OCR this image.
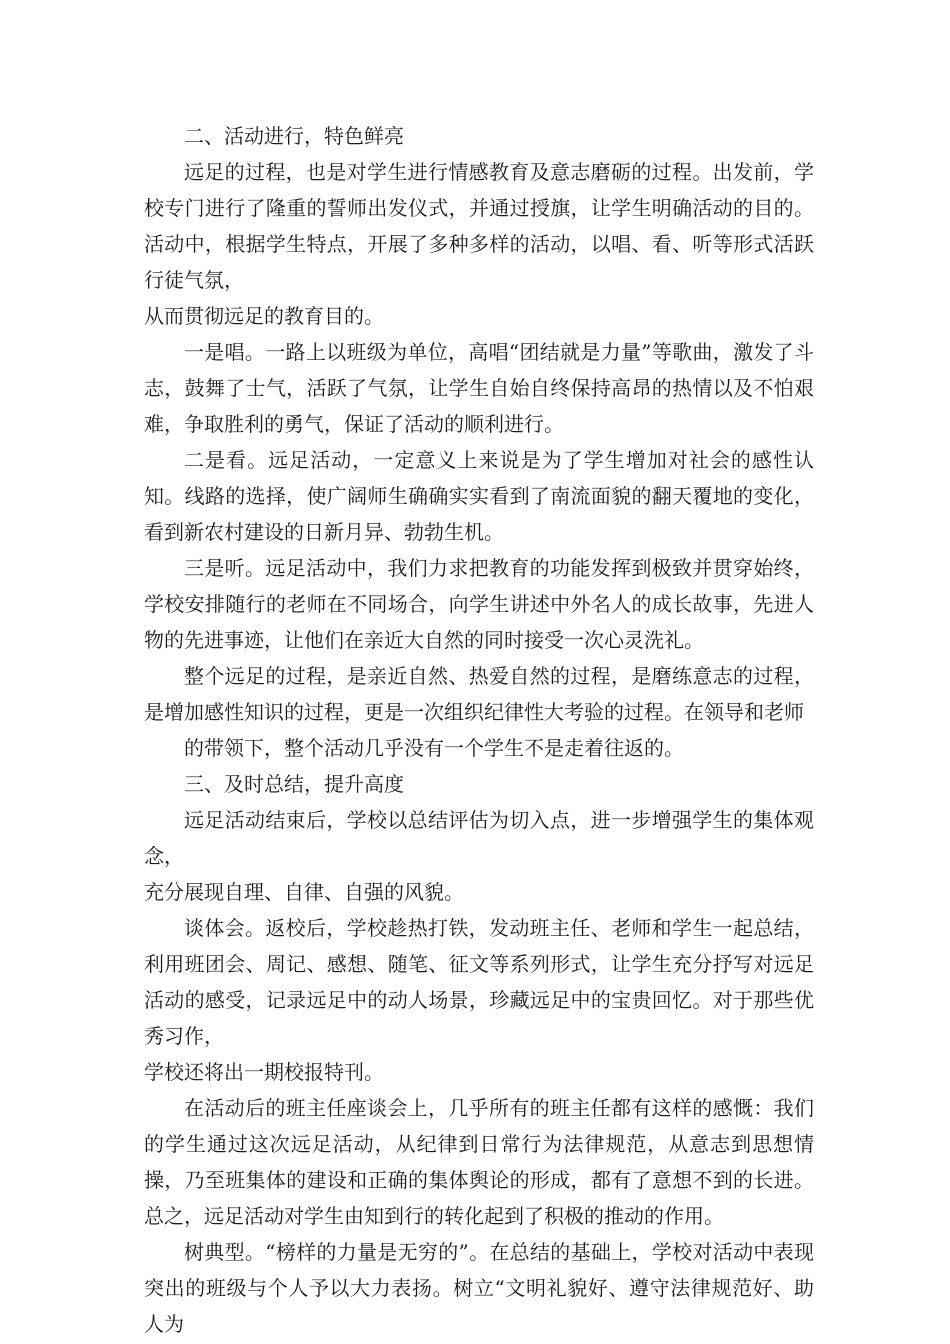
二、活动进行，特色鲜亮

远足的过程，也是对学生进行情感教育及意志磨砺的过程。出发前，学校专门进行了隆重的誓师出发仪式，并通过授旗，让学生明确活动的目的。活动中，根据学生特点，开展了多种多样的活动，以唱、看、听等形式活跃行徒气氛，

从而贯彻远足的教育目的。

一是唱。一路上以班级为单位，高唱“团结就是力量”等歌曲，激发了斗志，鼓舞了士气，活跃了气氛，让学生自始自终保持高昂的热情以及不怕艰难，争取胜利的勇气，保证了活动的顺利进行。

二是看。远足活动，一定意义上来说是为了学生增加对社会的感性认知。线路的选择，使广阔师生确确实实看到了南流面貌的翻天覆地的变化，看到新农村建设的日新月异、勃勃生机。

三是听。远足活动中，我们力求把教育的功能发挥到极致并贯穿始终，学校安排随行的老师在不同场合，向学生讲述中外名人的成长故事，先进人物的先进事迹，让他们在亲近大自然的同时接受一次心灵洗礼。

整个远足的过程，是亲近自然、热爱自然的过程，是磨练意志的过程，是增加感性知识的过程，更是一次组织纪律性大考验的过程。在领导和老师

的带领下，整个活动几乎没有一个学生不是走着往返的。

三、及时总结，提升高度

远足活动结束后，学校以总结评估为切入点，进一步增强学生的集体观念，

充分展现自理、自律、自强的风貌。

谈体会。返校后，学校趁热打铁，发动班主任、老师和学生一起总结，利用班团会、周记、感想、随笔、征文等系列形式，让学生充分抒写对远足活动的感受，记录远足中的动人场景，珍藏远足中的宝贵回忆。对于那些优秀习作，

学校还将出一期校报特刊。

在活动后的班主任座谈会上，几乎所有的班主任都有这样的感慨：我们的学生通过这次远足活动，从纪律到日常行为法律规范，从意志到思想情操，乃至班集体的建设和正确的集体舆论的形成，都有了意想不到的长进。总之，远足活动对学生由知到行的转化起到了积极的推动的作用。

树典型。“榜样的力量是无穷的”。在总结的基础上，学校对活动中表现突出的班级与个人予以大力表扬。树立“文明礼貌好、遵守法律规范好、助人为
